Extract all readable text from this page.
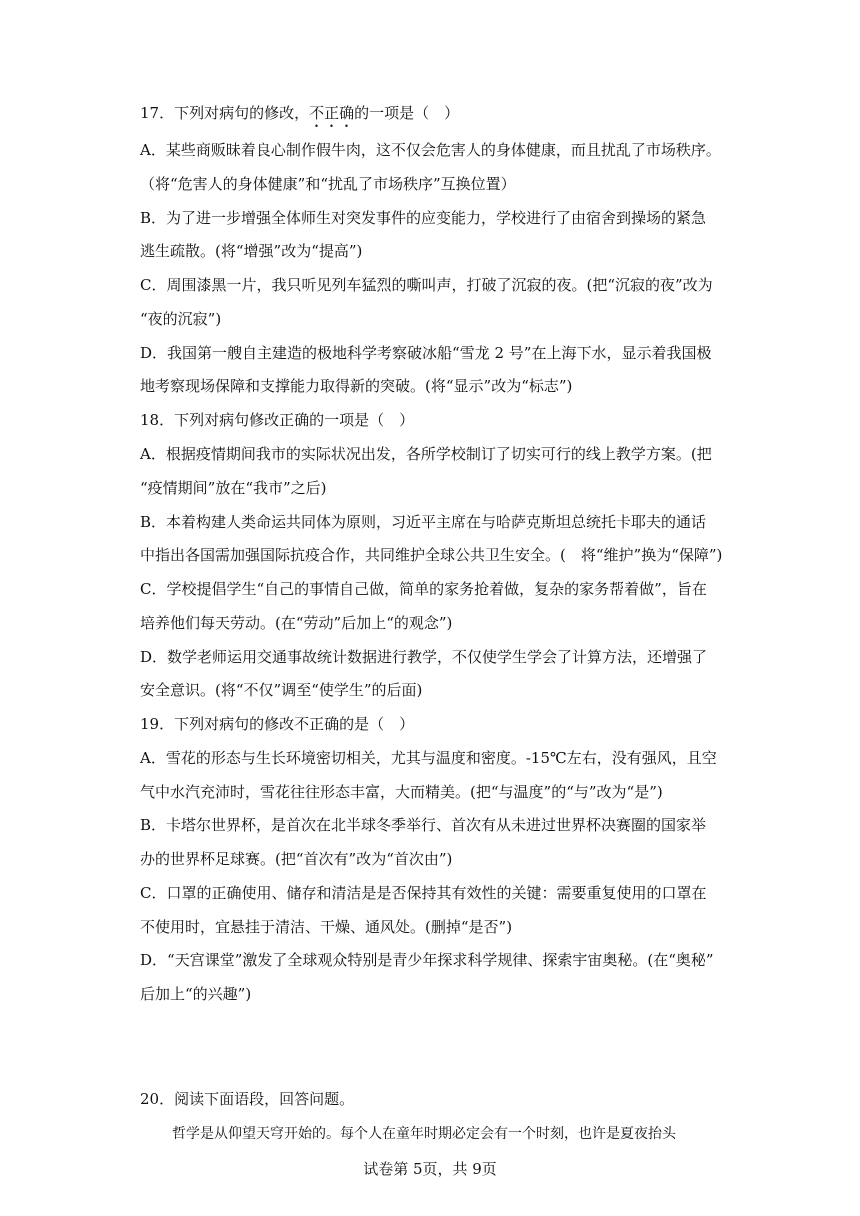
17．下列对病句的修改，不正确的一项是（　）
A．某些商贩昧着良心制作假牛肉，这不仅会危害人的身体健康，而且扰乱了市场秩序。
（将“危害人的身体健康”和“扰乱了市场秩序”互换位置）
B．为了进一步增强全体师生对突发事件的应变能力，学校进行了由宿舍到操场的紧急
逃生疏散。(将“增强”改为“提高”)
C．周围漆黑一片，我只听见列车猛烈的嘶叫声，打破了沉寂的夜。(把“沉寂的夜”改为
“夜的沉寂”)
D．我国第一艘自主建造的极地科学考察破冰船“雪龙 2 号”在上海下水，显示着我国极
地考察现场保障和支撑能力取得新的突破。(将“显示”改为“标志”)
18．下列对病句修改正确的一项是（　）
A．根据疫情期间我市的实际状况出发，各所学校制订了切实可行的线上教学方案。(把
“疫情期间”放在“我市”之后)
B．本着构建人类命运共同体为原则，习近平主席在与哈萨克斯坦总统托卡耶夫的通话
中指出各国需加强国际抗疫合作，共同维护全球公共卫生安全。(　将“维护”换为“保障”)
C．学校提倡学生“自己的事情自己做，简单的家务抢着做，复杂的家务帮着做”，旨在
培养他们每天劳动。(在“劳动”后加上“的观念”)
D．数学老师运用交通事故统计数据进行教学，不仅使学生学会了计算方法，还增强了
安全意识。(将“不仅”调至“使学生”的后面)
19．下列对病句的修改不正确的是（　）
A．雪花的形态与生长环境密切相关，尤其与温度和密度。-15℃左右，没有强风，且空
气中水汽充沛时，雪花往往形态丰富，大而精美。(把“与温度”的“与”改为“是”)
B．卡塔尔世界杯，是首次在北半球冬季举行、首次有从未进过世界杯决赛圈的国家举
办的世界杯足球赛。(把“首次有”改为“首次由”)
C．口罩的正确使用、储存和清洁是是否保持其有效性的关键：需要重复使用的口罩在
不使用时，宜悬挂于清洁、干燥、通风处。(删掉“是否”)
D．“天宫课堂”激发了全球观众特别是青少年探求科学规律、探索宇宙奥秘。(在“奥秘”
后加上“的兴趣”)
20．阅读下面语段，回答问题。
哲学是从仰望天穹开始的。每个人在童年时期必定会有一个时刻，也许是夏夜抬头
试卷第 5页，共 9页
